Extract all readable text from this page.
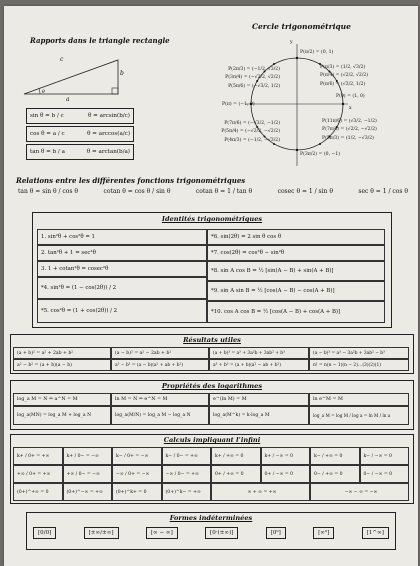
Rapports dans le triangle rectangle
c
b
a
θ
sin θ = b / c	θ = arcsin(b/c)
cos θ = a / c	θ = arccos(a/c)
tan θ = b / a	θ = arctan(b/a)
Cercle trigonométrique
y
x
P(π/2) = (0, 1)
P(π) = (−1, 0)
P(0) = (1, 0)
P(3π/2) = (0, −1)
P(2π/3) = (−1/2, √3/2)
P(3π/4) = (−√2/2, √2/2)
P(5π/6) = (−√3/2, 1/2)
P(7π/6) = (−√3/2, −1/2)
P(5π/4) = (−√2/2, −√2/2)
P(4π/3) = (−1/2, −√3/2)
P(π/3) = (1/2, √3/2)
P(π/4) = (√2/2, √2/2)
P(π/6) = (√3/2, 1/2)
P(11π/6) = (√3/2, −1/2)
P(7π/4) = (√2/2, −√2/2)
P(5π/3) = (1/2, −√3/2)
Relations entre les différentes fonctions trigonométriques
tan θ = sin θ / cos θ	cotan θ = cos θ / sin θ	cotan θ = 1 / tan θ	cosec θ = 1 / sin θ	sec θ = 1 / cos θ
Identités trigonométriques
1. sin²θ + cos²θ = 1
2. tan²θ + 1 = sec²θ
3. 1 + cotan²θ = cosec²θ
*4. sin²θ = (1 − cos(2θ)) / 2
*5. cos²θ = (1 + cos(2θ)) / 2
*6. sin(2θ) = 2 sin θ cos θ
*7. cos(2θ) = cos²θ − sin²θ
*8. sin A cos B = ½ [sin(A − B) + sin(A + B)]
*9. sin A sin B = ½ [cos(A − B) − cos(A + B)]
*10. cos A cos B = ½ [cos(A − B) + cos(A + B)]
Résultats utiles
(a + b)² = a² + 2ab + b²	(a − b)² = a² − 2ab + b²	(a + b)³ = a³ + 3a²b + 3ab² + b³	(a − b)³ = a³ − 3a²b + 3ab² − b³
a² − b² = (a + b)(a − b)	a³ − b³ = (a − b)(a² + ab + b²)	a³ + b³ = (a + b)(a² − ab + b²)	n! = n(n − 1)(n − 2)…(3)(2)(1)
Propriétés des logarithmes
log_a M = N ⇔ a^N = M	ln M = N ⇔ e^N = M	e^(ln M) = M	ln e^M = M
log_a(MN) = log_a M + log_a N	log_a(M/N) = log_a M − log_a N	log_a(M^k) = k·log_a M	log_a M = log M / log a = ln M / ln a
Calculs impliquant l’infini
k+ / 0+ = +∞	k+ / 0− = −∞	k− / 0+ = −∞	k− / 0− = +∞	k+ / +∞ = 0	k+ / −∞ = 0	k− / +∞ = 0	k− / −∞ = 0
+∞ / 0+ = +∞	+∞ / 0− = −∞	−∞ / 0+ = −∞	−∞ / 0− = +∞	0+ / +∞ = 0	0+ / −∞ = 0	0− / +∞ = 0	0− / −∞ = 0
(0+)^+∞ = 0	(0+)^−∞ = +∞	(0+)^k+ = 0	(0+)^k− = +∞	∞ + ∞ = +∞	−∞ − ∞ = −∞
Formes indéterminées
[0/0]	[±∞/±∞]	[∞ − ∞]	[0·(±∞)]	[0⁰]	[∞⁰]	[1^∞]
